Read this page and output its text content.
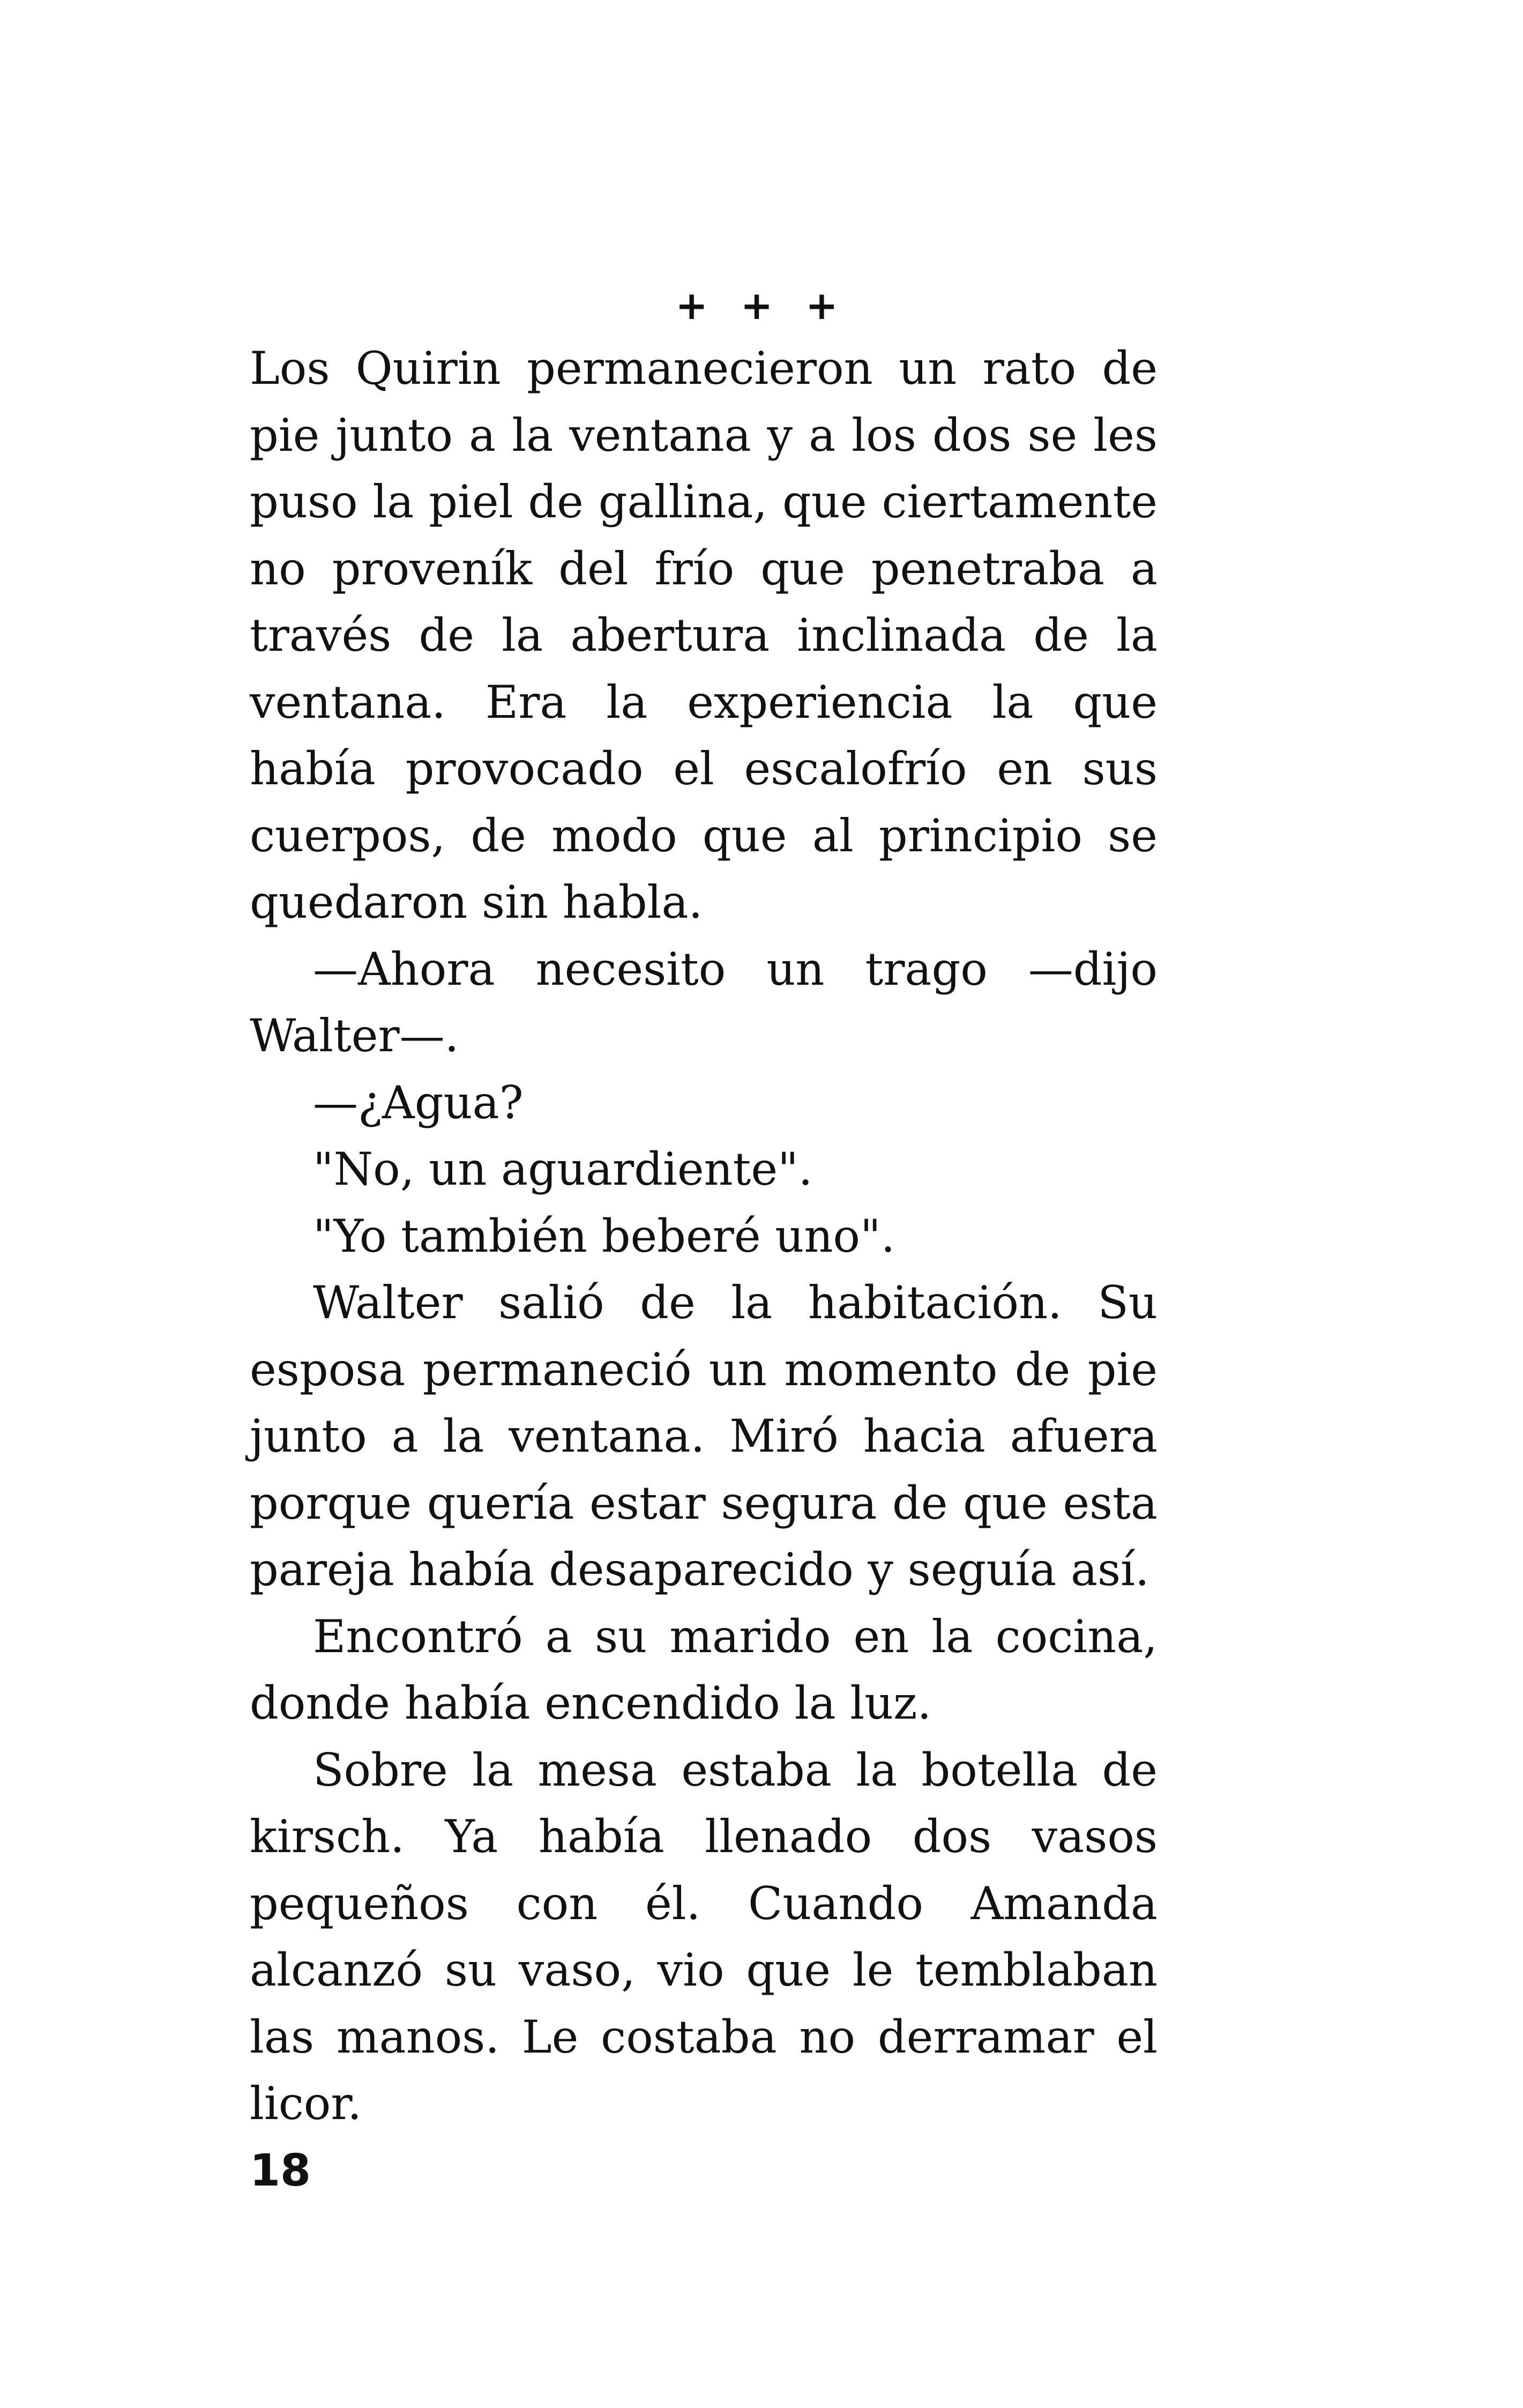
+ + +

Los Quirin permanecieron un rato de pie junto a la ventana y a los dos se les puso la piel de gallina, que ciertamente no proveník del frío que penetraba a través de la abertura inclinada de la ventana. Era la experiencia la que había provocado el escalofrío en sus cuerpos, de modo que al principio se quedaron sin habla.

—Ahora necesito un trago —dijo Walter—.

—¿Agua?

"No, un aguardiente".

"Yo también beberé uno".

Walter salió de la habitación. Su esposa permaneció un momento de pie junto a la ventana. Miró hacia afuera porque quería estar segura de que esta pareja había desaparecido y seguía así.

Encontró a su marido en la cocina, donde había encendido la luz.

Sobre la mesa estaba la botella de kirsch. Ya había llenado dos vasos pequeños con él. Cuando Amanda alcanzó su vaso, vio que le temblaban las manos. Le costaba no derramar el licor.

18
